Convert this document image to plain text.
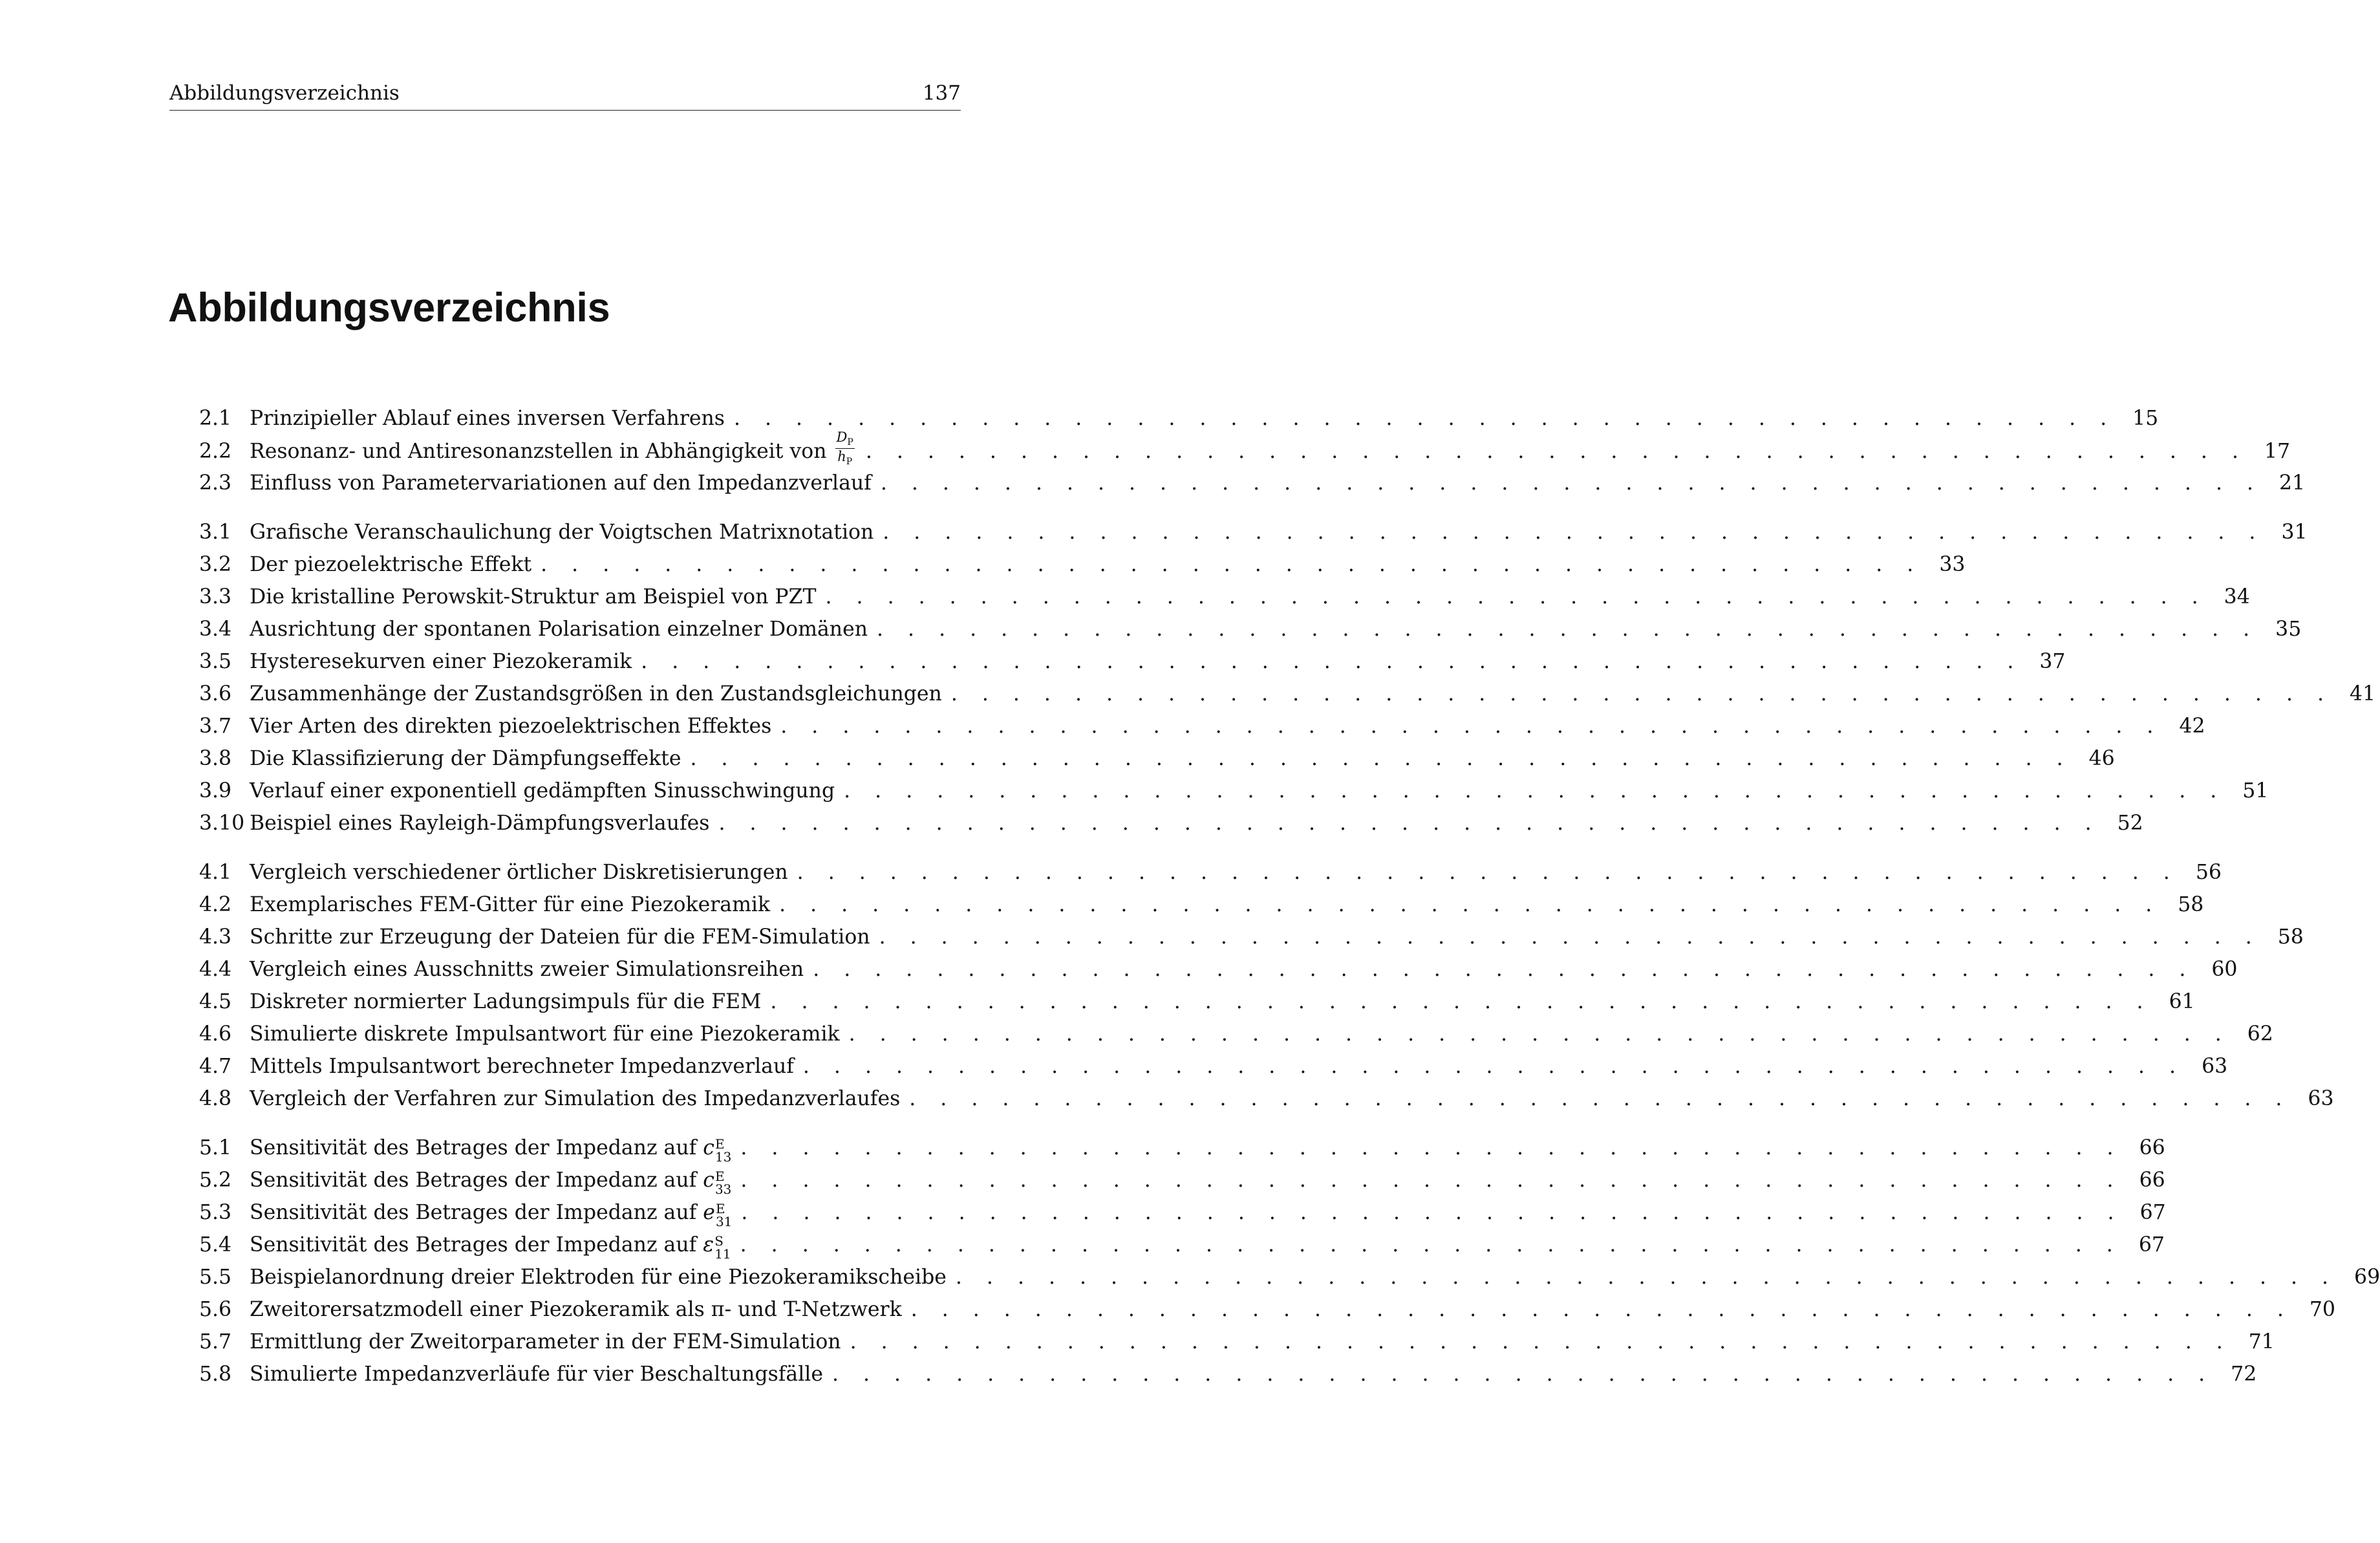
Abbildungsverzeichnis	137
Abbildungsverzeichnis
2.1 Prinzipieller Ablauf eines inversen Verfahrens . . . . . . . . . . . . . . . . . . . . . . . . . . . . . . . . . . . . . . . . . . . . . 15
2.2 Resonanz- und Antiresonanzstellen in Abhängigkeit von $\frac{D_P}{h_P}$ . . . . . . . . . . . . . . . . . . . . . . . . . . . . . . . . . . . . . . . . . . . . . 17
2.3 Einfluss von Parametervariationen auf den Impedanzverlauf . . . . . . . . . . . . . . . . . . . . . . . . . . . . . . . . . . . . . . . . . . . . . 21
3.1 Grafische Veranschaulichung der Voigtschen Matrixnotation . . . . . . . . . . . . . . . . . . . . . . . . . . . . . . . . . . . . . . . . . . . . . 31
3.2 Der piezoelektrische Effekt . . . . . . . . . . . . . . . . . . . . . . . . . . . . . . . . . . . . . . . . . . . . . 33
3.3 Die kristalline Perowskit-Struktur am Beispiel von PZT . . . . . . . . . . . . . . . . . . . . . . . . . . . . . . . . . . . . . . . . . . . . . 34
3.4 Ausrichtung der spontanen Polarisation einzelner Domänen . . . . . . . . . . . . . . . . . . . . . . . . . . . . . . . . . . . . . . . . . . . . . 35
3.5 Hysteresekurven einer Piezokeramik . . . . . . . . . . . . . . . . . . . . . . . . . . . . . . . . . . . . . . . . . . . . . 37
3.6 Zusammenhänge der Zustandsgrößen in den Zustandsgleichungen . . . . . . . . . . . . . . . . . . . . . . . . . . . . . . . . . . . . . . . . . . . . . 41
3.7 Vier Arten des direkten piezoelektrischen Effektes . . . . . . . . . . . . . . . . . . . . . . . . . . . . . . . . . . . . . . . . . . . . . 42
3.8 Die Klassifizierung der Dämpfungseffekte . . . . . . . . . . . . . . . . . . . . . . . . . . . . . . . . . . . . . . . . . . . . . 46
3.9 Verlauf einer exponentiell gedämpften Sinusschwingung . . . . . . . . . . . . . . . . . . . . . . . . . . . . . . . . . . . . . . . . . . . . . 51
3.10 Beispiel eines Rayleigh-Dämpfungsverlaufes . . . . . . . . . . . . . . . . . . . . . . . . . . . . . . . . . . . . . . . . . . . . . 52
4.1 Vergleich verschiedener örtlicher Diskretisierungen . . . . . . . . . . . . . . . . . . . . . . . . . . . . . . . . . . . . . . . . . . . . . 56
4.2 Exemplarisches FEM-Gitter für eine Piezokeramik . . . . . . . . . . . . . . . . . . . . . . . . . . . . . . . . . . . . . . . . . . . . . 58
4.3 Schritte zur Erzeugung der Dateien für die FEM-Simulation . . . . . . . . . . . . . . . . . . . . . . . . . . . . . . . . . . . . . . . . . . . . . 58
4.4 Vergleich eines Ausschnitts zweier Simulationsreihen . . . . . . . . . . . . . . . . . . . . . . . . . . . . . . . . . . . . . . . . . . . . . 60
4.5 Diskreter normierter Ladungsimpuls für die FEM . . . . . . . . . . . . . . . . . . . . . . . . . . . . . . . . . . . . . . . . . . . . . 61
4.6 Simulierte diskrete Impulsantwort für eine Piezokeramik . . . . . . . . . . . . . . . . . . . . . . . . . . . . . . . . . . . . . . . . . . . . . 62
4.7 Mittels Impulsantwort berechneter Impedanzverlauf . . . . . . . . . . . . . . . . . . . . . . . . . . . . . . . . . . . . . . . . . . . . . 63
4.8 Vergleich der Verfahren zur Simulation des Impedanzverlaufes . . . . . . . . . . . . . . . . . . . . . . . . . . . . . . . . . . . . . . . . . . . . . 63
5.1 Sensitivität des Betrages der Impedanz auf c E
13 . . . . . . . . . . . . . . . . . . . . . . . . . . . . . . . . . . . . . . . . . . . . . 66
5.2 Sensitivität des Betrages der Impedanz auf c E
33 . . . . . . . . . . . . . . . . . . . . . . . . . . . . . . . . . . . . . . . . . . . . . 66
5.3 Sensitivität des Betrages der Impedanz auf e E
31 . . . . . . . . . . . . . . . . . . . . . . . . . . . . . . . . . . . . . . . . . . . . . 67
5.4 Sensitivität des Betrages der Impedanz auf ε S
11 . . . . . . . . . . . . . . . . . . . . . . . . . . . . . . . . . . . . . . . . . . . . . 67
5.5 Beispielanordnung dreier Elektroden für eine Piezokeramikscheibe . . . . . . . . . . . . . . . . . . . . . . . . . . . . . . . . . . . . . . . . . . . . . 69
5.6 Zweitorersatzmodell einer Piezokeramik als π- und T-Netzwerk . . . . . . . . . . . . . . . . . . . . . . . . . . . . . . . . . . . . . . . . . . . . . 70
5.7 Ermittlung der Zweitorparameter in der FEM-Simulation . . . . . . . . . . . . . . . . . . . . . . . . . . . . . . . . . . . . . . . . . . . . . 71
5.8 Simulierte Impedanzverläufe für vier Beschaltungsfälle . . . . . . . . . . . . . . . . . . . . . . . . . . . . . . . . . . . . . . . . . . . . . 72
